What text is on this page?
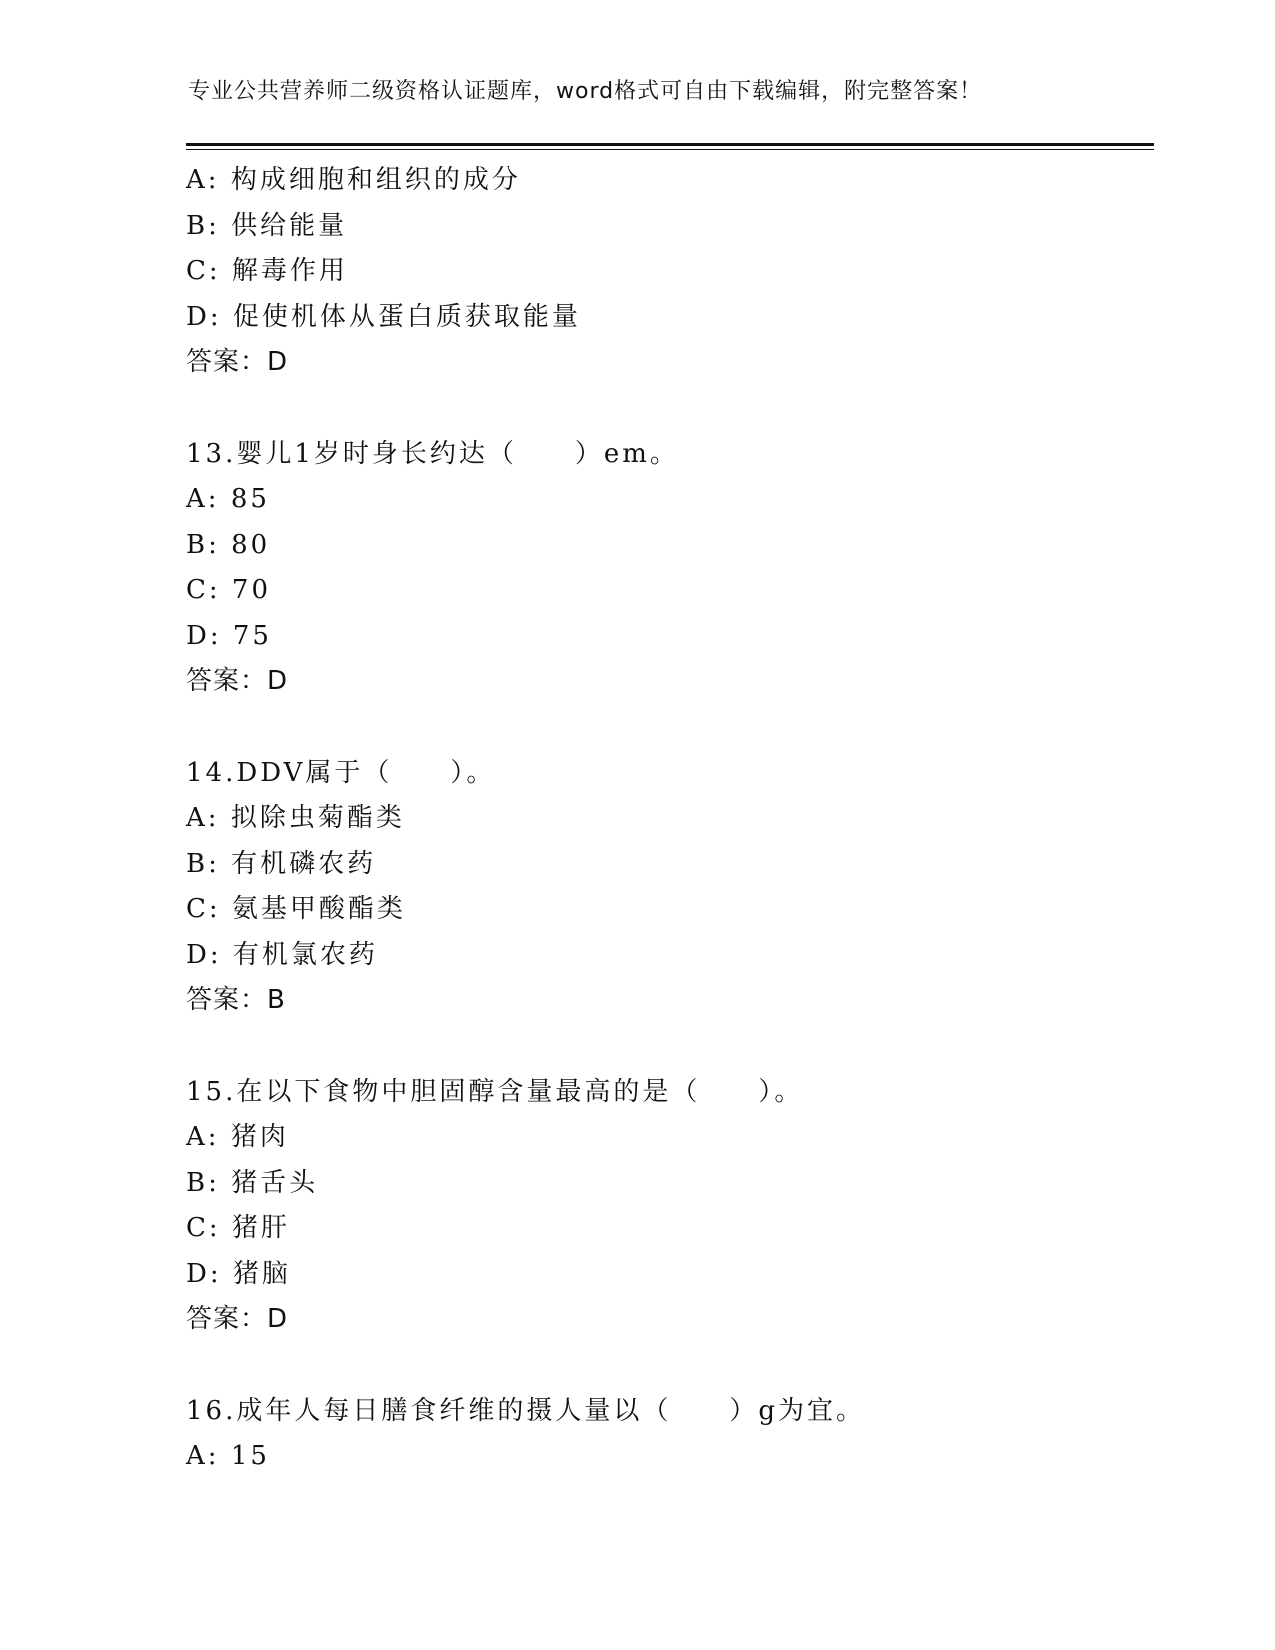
专业公共营养师二级资格认证题库，word格式可自由下载编辑，附完整答案！
A: 构成细胞和组织的成分
B: 供给能量
C: 解毒作用
D: 促使机体从蛋白质获取能量
答案：D
13.婴儿1岁时身长约达（　　）em。
A: 85
B: 80
C: 70
D: 75
答案：D
14.DDV属于（　　）。
A: 拟除虫菊酯类
B: 有机磷农药
C: 氨基甲酸酯类
D: 有机氯农药
答案：B
15.在以下食物中胆固醇含量最高的是（　　）。
A: 猪肉
B: 猪舌头
C: 猪肝
D: 猪脑
答案：D
16.成年人每日膳食纤维的摄人量以（　　）g为宜。
A: 15
